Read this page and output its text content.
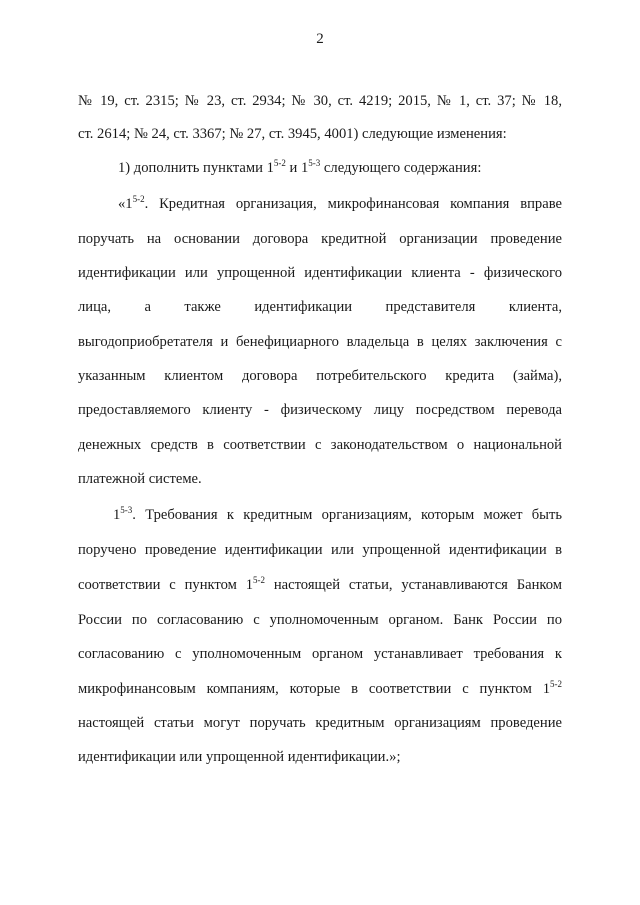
2
№ 19, ст. 2315; № 23, ст. 2934; № 30, ст. 4219; 2015, № 1, ст. 37; № 18,
ст. 2614; № 24, ст. 3367; № 27, ст. 3945, 4001) следующие изменения:
1) дополнить пунктами 1$^{5-2}$ и 1$^{5-3}$ следующего содержания:
«1$^{5-2}$. Кредитная организация, микрофинансовая компания вправе
поручать на основании договора кредитной организации проведение
идентификации или упрощенной идентификации клиента - физического
лица, а также идентификации представителя клиента,
выгодоприобретателя и бенефициарного владельца в целях заключения с
указанным клиентом договора потребительского кредита (займа),
предоставляемого клиенту - физическому лицу посредством перевода
денежных средств в соответствии с законодательством о национальной
платежной системе.
1$^{5-3}$. Требования к кредитным организациям, которым может быть
поручено проведение идентификации или упрощенной идентификации в
соответствии с пунктом 1$^{5-2}$ настоящей статьи, устанавливаются Банком
России по согласованию с уполномоченным органом. Банк России по
согласованию с уполномоченным органом устанавливает требования к
микрофинансовым компаниям, которые в соответствии с пунктом 1$^{5-2}$
настоящей статьи могут поручать кредитным организациям проведение
идентификации или упрощенной идентификации.»;
